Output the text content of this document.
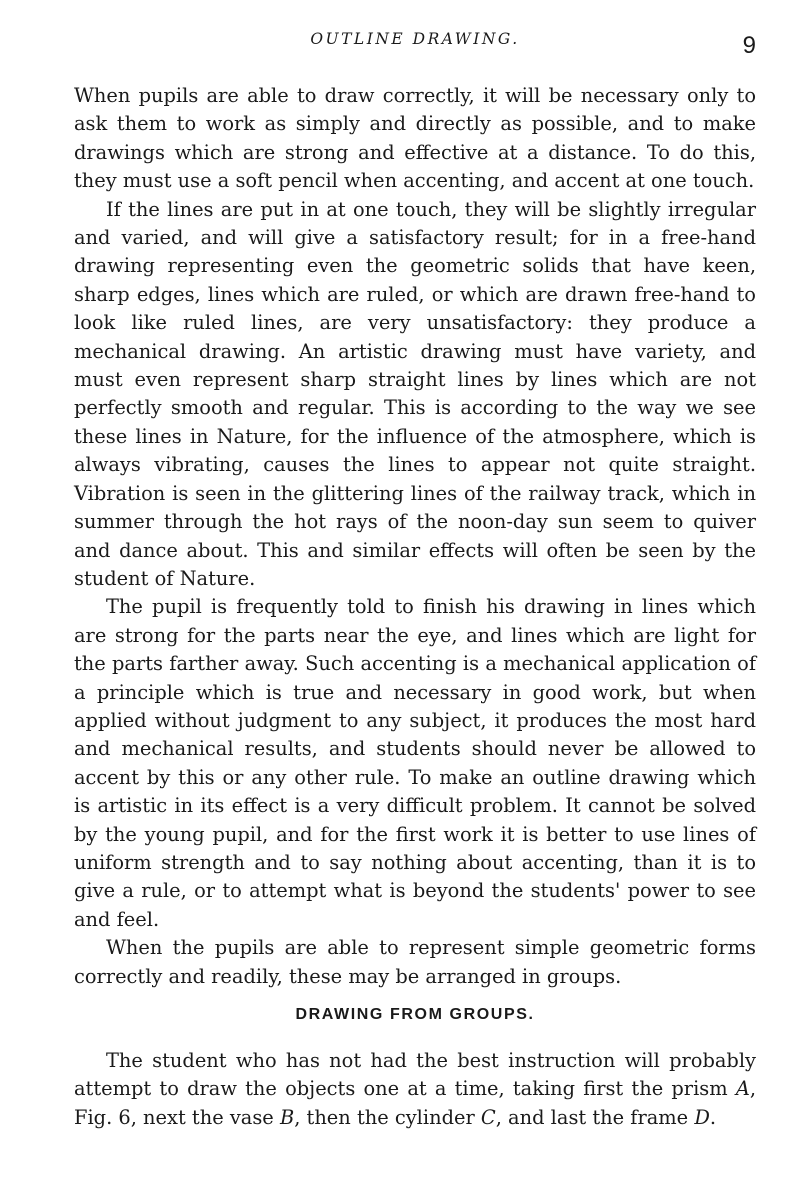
OUTLINE DRAWING.	9

When pupils are able to draw correctly, it will be necessary only to ask them to work as simply and directly as possible, and to make drawings which are strong and effective at a distance. To do this, they must use a soft pencil when accenting, and accent at one touch.

If the lines are put in at one touch, they will be slightly irregular and varied, and will give a satisfactory result; for in a free-hand drawing representing even the geometric solids that have keen, sharp edges, lines which are ruled, or which are drawn free-hand to look like ruled lines, are very unsatisfactory: they produce a mechanical drawing. An artistic drawing must have variety, and must even represent sharp straight lines by lines which are not perfectly smooth and regular. This is according to the way we see these lines in Nature, for the influence of the atmosphere, which is always vibrating, causes the lines to appear not quite straight. Vibration is seen in the glittering lines of the railway track, which in summer through the hot rays of the noon-day sun seem to quiver and dance about. This and similar effects will often be seen by the student of Nature.

The pupil is frequently told to finish his drawing in lines which are strong for the parts near the eye, and lines which are light for the parts farther away. Such accenting is a mechanical application of a principle which is true and necessary in good work, but when applied without judgment to any subject, it produces the most hard and mechanical results, and students should never be allowed to accent by this or any other rule. To make an outline drawing which is artistic in its effect is a very difficult problem. It cannot be solved by the young pupil, and for the first work it is better to use lines of uniform strength and to say nothing about accenting, than it is to give a rule, or to attempt what is beyond the students' power to see and feel.

When the pupils are able to represent simple geometric forms correctly and readily, these may be arranged in groups.

DRAWING FROM GROUPS.

The student who has not had the best instruction will probably attempt to draw the objects one at a time, taking first the prism A, Fig. 6, next the vase B, then the cylinder C, and last the frame D.
